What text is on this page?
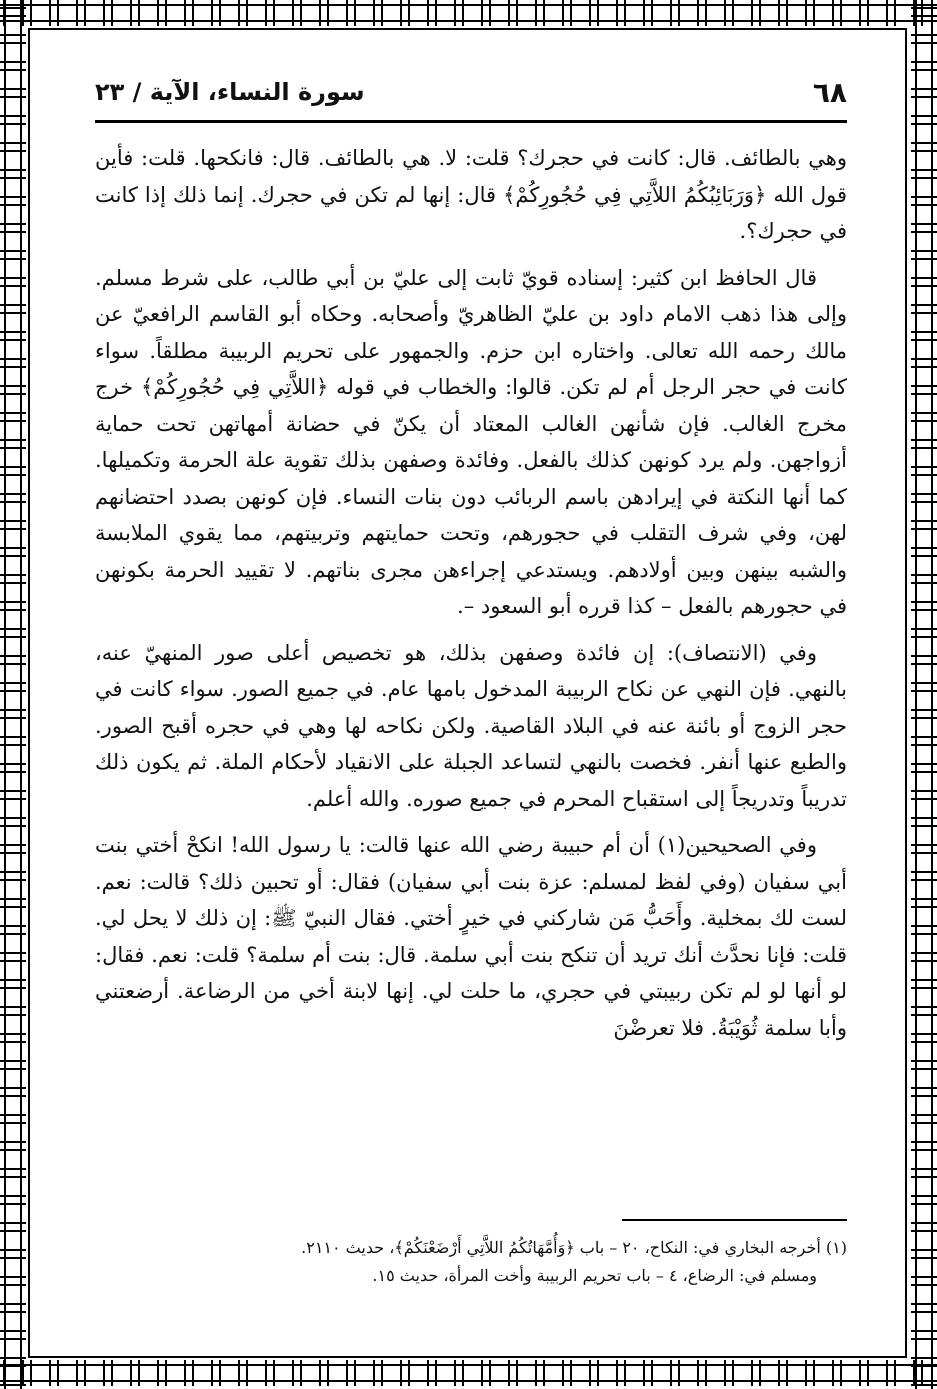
٦٨
سورة النساء، الآية / ٢٣

وهي بالطائف. قال: كانت في حجرك؟ قلت: لا. هي بالطائف. قال: فانكحها. قلت: فأين قول الله ﴿وَرَبَائِبُكُمُ اللاَّتِي فِي حُجُورِكُمْ﴾ قال: إنها لم تكن في حجرك. إنما ذلك إذا كانت في حجرك؟.

قال الحافظ ابن كثير: إسناده قويّ ثابت إلى عليّ بن أبي طالب، على شرط مسلم. وإلى هذا ذهب الامام داود بن عليّ الظاهريّ وأصحابه. وحكاه أبو القاسم الرافعيّ عن مالك رحمه الله تعالى. واختاره ابن حزم. والجمهور على تحريم الربيبة مطلقاً. سواء كانت في حجر الرجل أم لم تكن. قالوا: والخطاب في قوله ﴿اللاَّتِي فِي حُجُورِكُمْ﴾ خرج مخرج الغالب. فإن شأنهن الغالب المعتاد أن يكنّ في حضانة أمهاتهن تحت حماية أزواجهن. ولم يرد كونهن كذلك بالفعل. وفائدة وصفهن بذلك تقوية علة الحرمة وتكميلها. كما أنها النكتة في إيرادهن باسم الربائب دون بنات النساء. فإن كونهن بصدد احتضانهم لهن، وفي شرف التقلب في حجورهم، وتحت حمايتهم وتربيتهم، مما يقوي الملابسة والشبه بينهن وبين أولادهم. ويستدعي إجراءهن مجرى بناتهم. لا تقييد الحرمة بكونهن في حجورهم بالفعل – كذا قرره أبو السعود –.

وفي (الانتصاف): إن فائدة وصفهن بذلك، هو تخصيص أعلى صور المنهيّ عنه، بالنهي. فإن النهي عن نكاح الربيبة المدخول بامها عام. في جميع الصور. سواء كانت في حجر الزوج أو بائنة عنه في البلاد القاصية. ولكن نكاحه لها وهي في حجره أقبح الصور. والطبع عنها أنفر. فخصت بالنهي لتساعد الجبلة على الانقياد لأحكام الملة. ثم يكون ذلك تدريباً وتدريجاً إلى استقباح المحرم في جميع صوره. والله أعلم.

وفي الصحيحين(١) أن أم حبيبة رضي الله عنها قالت: يا رسول الله! انكحْ أختي بنت أبي سفيان (وفي لفظ لمسلم: عزة بنت أبي سفيان) فقال: أو تحبين ذلك؟ قالت: نعم. لست لك بمخلية. وأَحَبُّ مَن شاركني في خيرٍ أختي. فقال النبيّ ﷺ: إن ذلك لا يحل لي. قلت: فإنا نحدَّث أنك تريد أن تنكح بنت أبي سلمة. قال: بنت أم سلمة؟ قلت: نعم. فقال: لو أنها لو لم تكن ربيبتي في حجري، ما حلت لي. إنها لابنة أخي من الرضاعة. أرضعتني وأبا سلمة ثُوَيْبَةُ. فلا تعرضْنَ

(١) أخرجه البخاري في: النكاح، ٢٠ – باب ﴿وَأُمَّهَاتُكُمُ اللاَّتِي أَرْضَعْنَكُمْ﴾، حديث ٢١١٠.

ومسلم في: الرضاع، ٤ – باب تحريم الربيبة وأخت المرأة، حديث ١٥.
